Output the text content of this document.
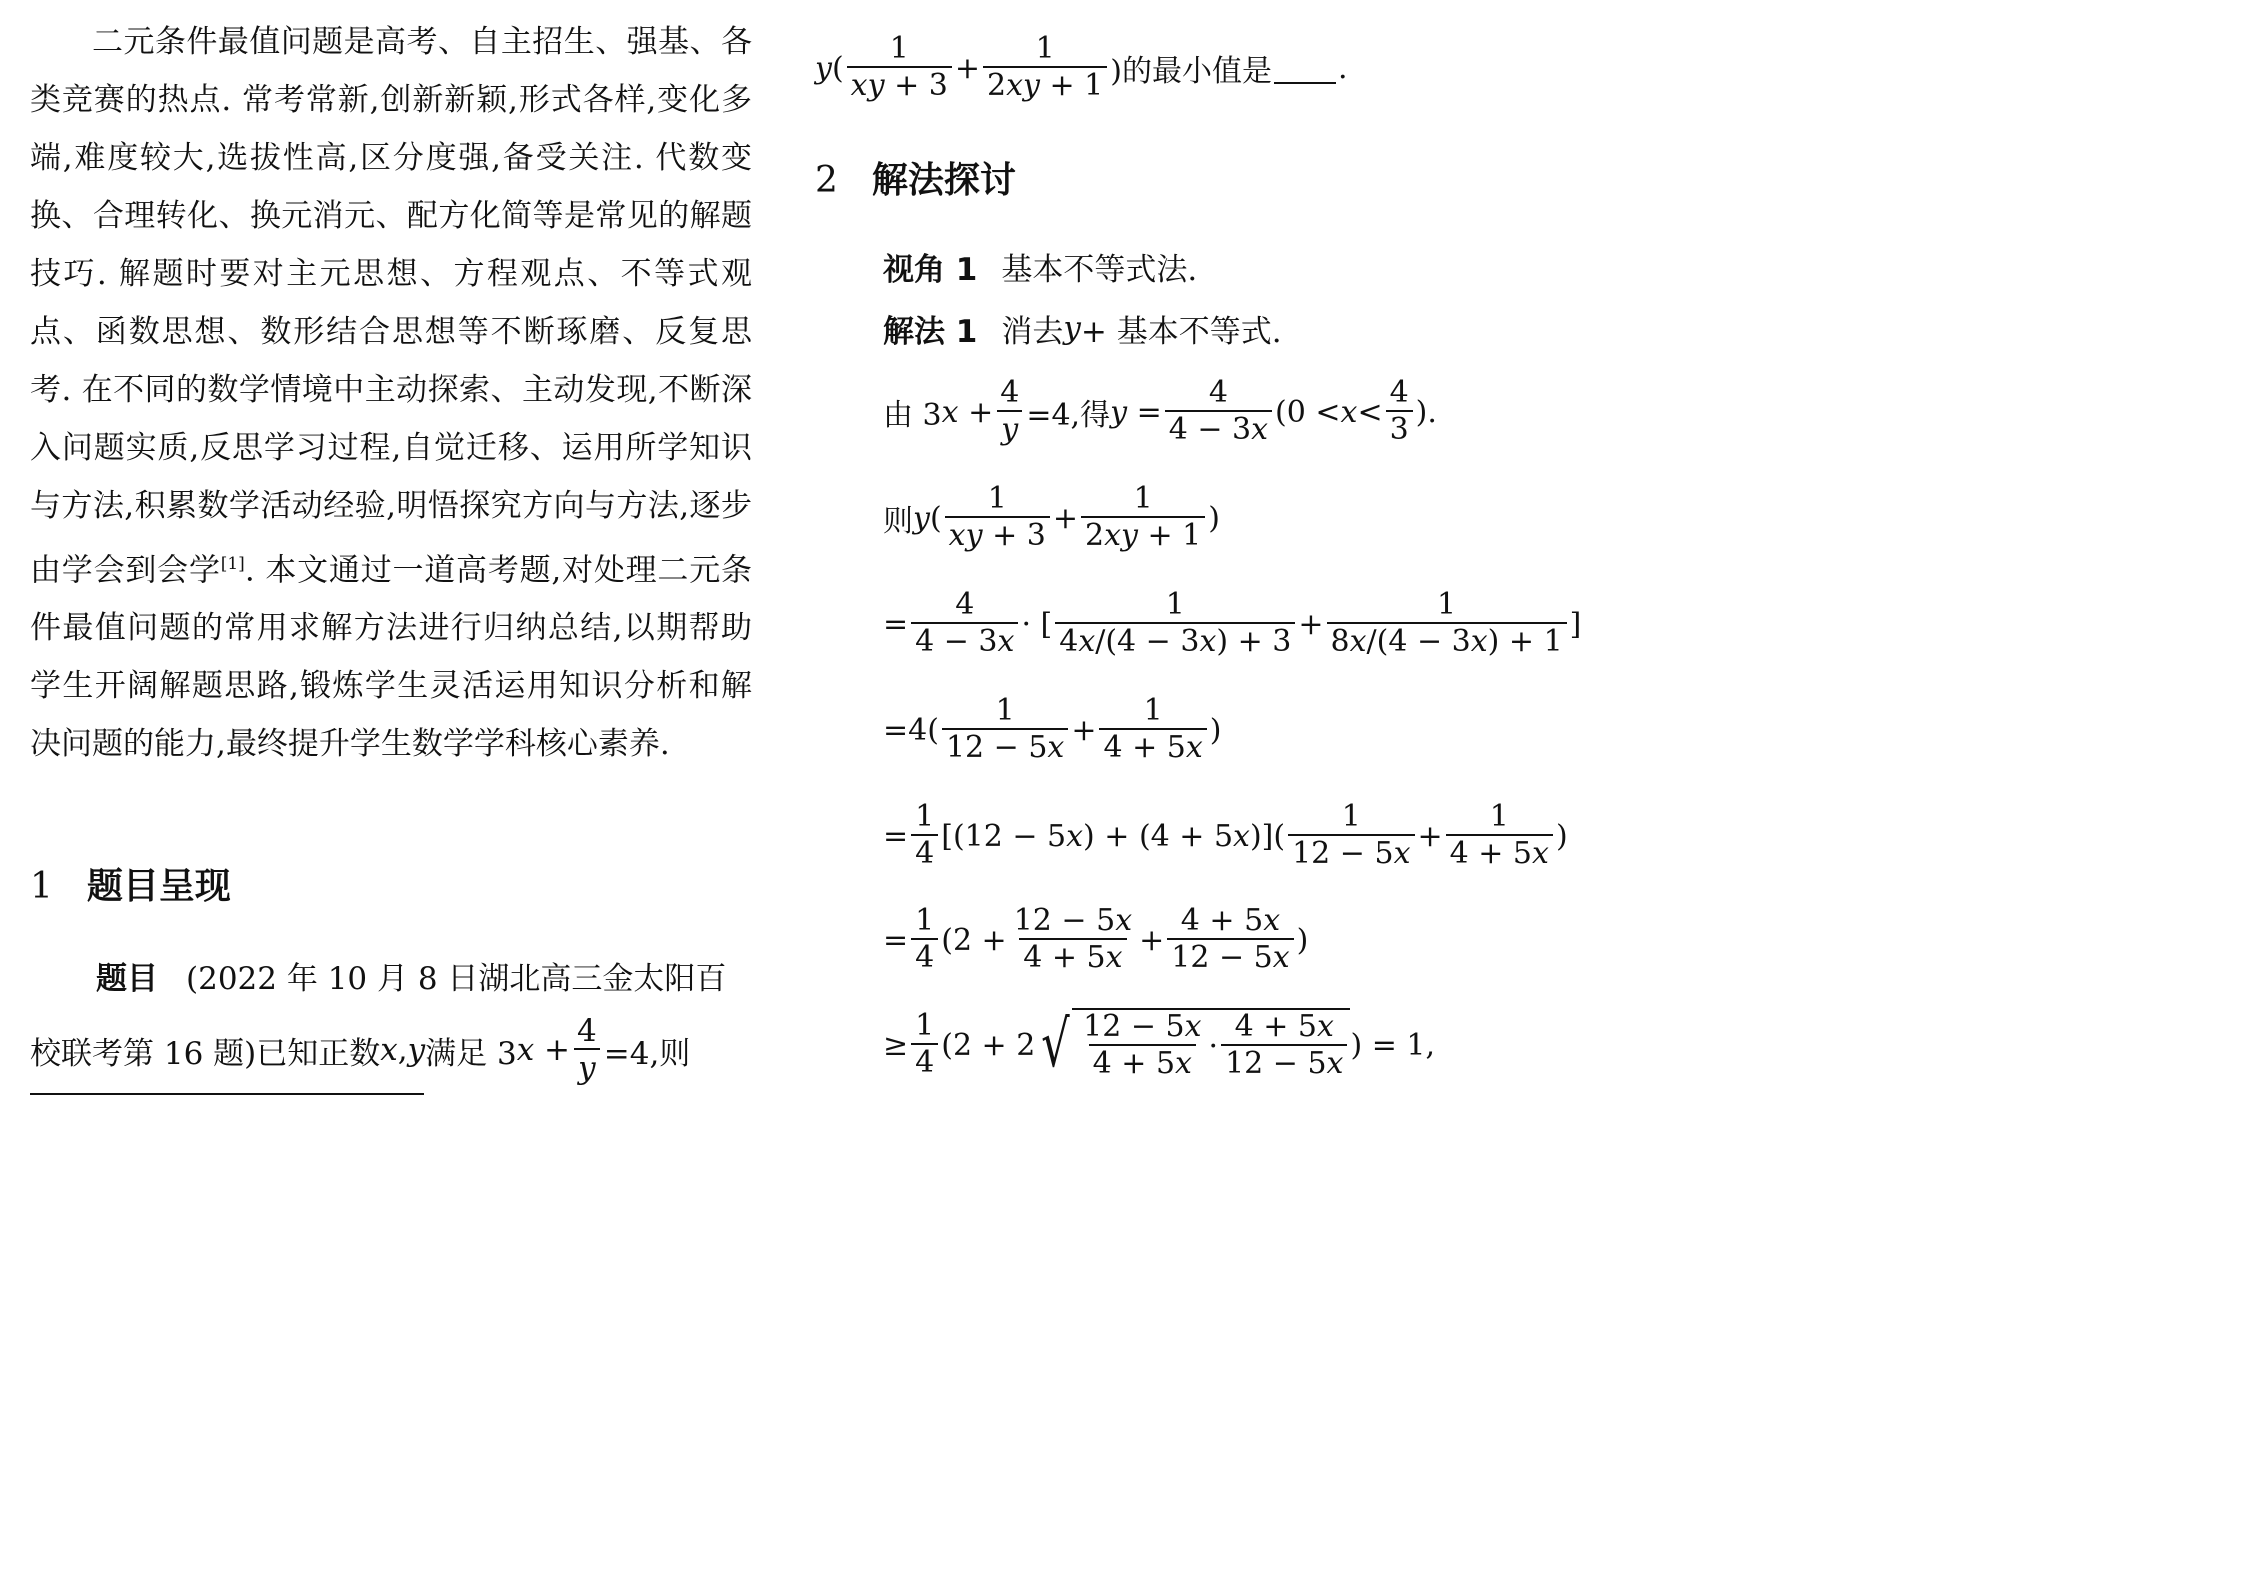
二元条件最值问题是高考、自主招生、强基、各类竞赛的热点. 常考常新,创新新颖,形式各样,变化多端,难度较大,选拔性高,区分度强,备受关注. 代数变换、合理转化、换元消元、配方化简等是常见的解题技巧. 解题时要对主元思想、方程观点、不等式观点、函数思想、数形结合思想等不断琢磨、反复思考. 在不同的数学情境中主动探索、主动发现,不断深入问题实质,反思学习过程,自觉迁移、运用所学知识与方法,积累数学活动经验,明悟探究方向与方法,逐步由学会到会学[1]. 本文通过一道高考题,对处理二元条件最值问题的常用求解方法进行归纳总结,以期帮助学生开阔解题思路,锻炼学生灵活运用知识分析和解决问题的能力,最终提升学生数学学科核心素养.

1 题目呈现
题目 (2022 年 10 月 8 日湖北高三金太阳百
校联考第 16 题)已知正数 x , y 满足 3 $x + \frac{4}{y} =4$,则
y ( $\frac{1}{xy + 3} + \frac{1}{2xy + 1}$ )的最小值是 .
2 解法探讨
视角 1 基本不等式法.
解法 1 消去 y + 基本不等式.
由 3 $x + \frac{4}{y} =4$,得 $y = \frac{4}{4 - 3x} (0 < x < \frac{4}{3}$ ).
则 y ( $\frac{1}{xy + 3} + \frac{1}{2xy + 1}$ )
= $\frac{4}{4 - 3x}$ · [ $\frac{1}{4x/(4 - 3x) + 3} + \frac{1}{8x/(4 - 3x) + 1}$ ]
$=4( \frac{1}{12 - 5x} + \frac{1}{4 + 5x}$ )
= $\frac{1}{4} [(12 - 5$ x ) + (4 + 5 x )]( $\frac{1}{12 - 5x} + \frac{1}{4 + 5x}$ )
= $\frac{1}{4} (2 + \frac{12 - 5x}{4 + 5x} + \frac{4 + 5x}{12 - 5x}$ )
≥ $\frac{1}{4} (2 + 2$ √ $\frac{12 - 5x}{4 + 5x} \cdot \frac{4 + 5x}{12 - 5x}$ ) = 1,
